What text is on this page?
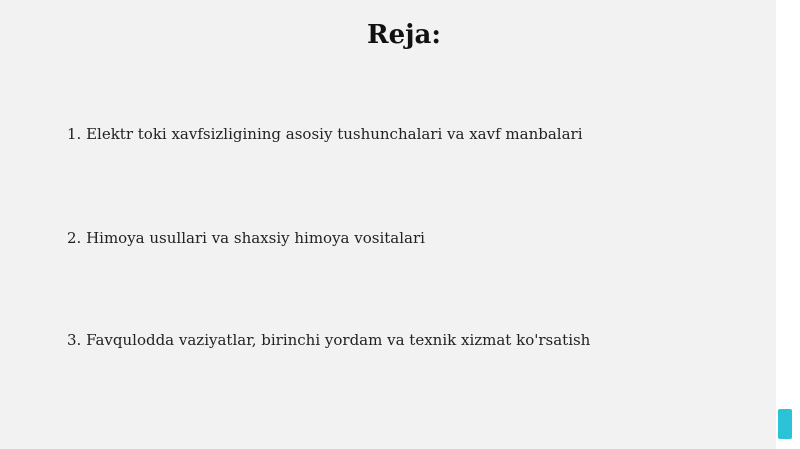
Reja:
1. Elektr toki xavfsizligining asosiy tushunchalari va xavf manbalari
2. Himoya usullari va shaxsiy himoya vositalari
3. Favqulodda vaziyatlar, birinchi yordam va texnik xizmat ko'rsatish
